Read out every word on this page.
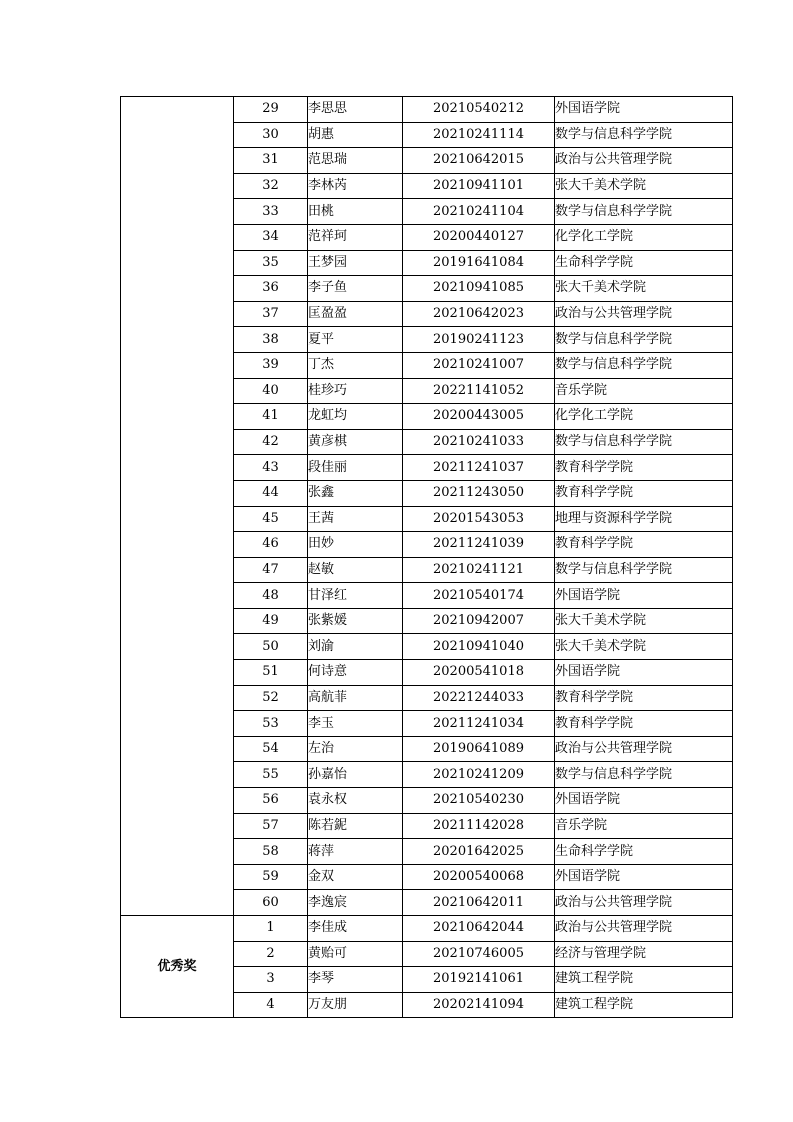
	29	李思思	20210540212	外国语学院
	30	胡惠	20210241114	数学与信息科学学院
	31	范思瑞	20210642015	政治与公共管理学院
	32	李林芮	20210941101	张大千美术学院
	33	田桃	20210241104	数学与信息科学学院
	34	范祥珂	20200440127	化学化工学院
	35	王梦园	20191641084	生命科学学院
	36	李子鱼	20210941085	张大千美术学院
	37	匡盈盈	20210642023	政治与公共管理学院
	38	夏平	20190241123	数学与信息科学学院
	39	丁杰	20210241007	数学与信息科学学院
	40	桂珍巧	20221141052	音乐学院
	41	龙虹均	20200443005	化学化工学院
	42	黄彦棋	20210241033	数学与信息科学学院
	43	段佳丽	20211241037	教育科学学院
	44	张鑫	20211243050	教育科学学院
	45	王茜	20201543053	地理与资源科学学院
	46	田妙	20211241039	教育科学学院
	47	赵敏	20210241121	数学与信息科学学院
	48	甘泽红	20210540174	外国语学院
	49	张紫媛	20210942007	张大千美术学院
	50	刘渝	20210941040	张大千美术学院
	51	何诗意	20200541018	外国语学院
	52	高航菲	20221244033	教育科学学院
	53	李玉	20211241034	教育科学学院
	54	左治	20190641089	政治与公共管理学院
	55	孙嘉怡	20210241209	数学与信息科学学院
	56	袁永权	20210540230	外国语学院
	57	陈若鈮	20211142028	音乐学院
	58	蒋萍	20201642025	生命科学学院
	59	金双	20200540068	外国语学院
	60	李逸宸	20210642011	政治与公共管理学院
优秀奖	1	李佳成	20210642044	政治与公共管理学院
	2	黄贻可	20210746005	经济与管理学院
	3	李琴	20192141061	建筑工程学院
	4	万友朋	20202141094	建筑工程学院
